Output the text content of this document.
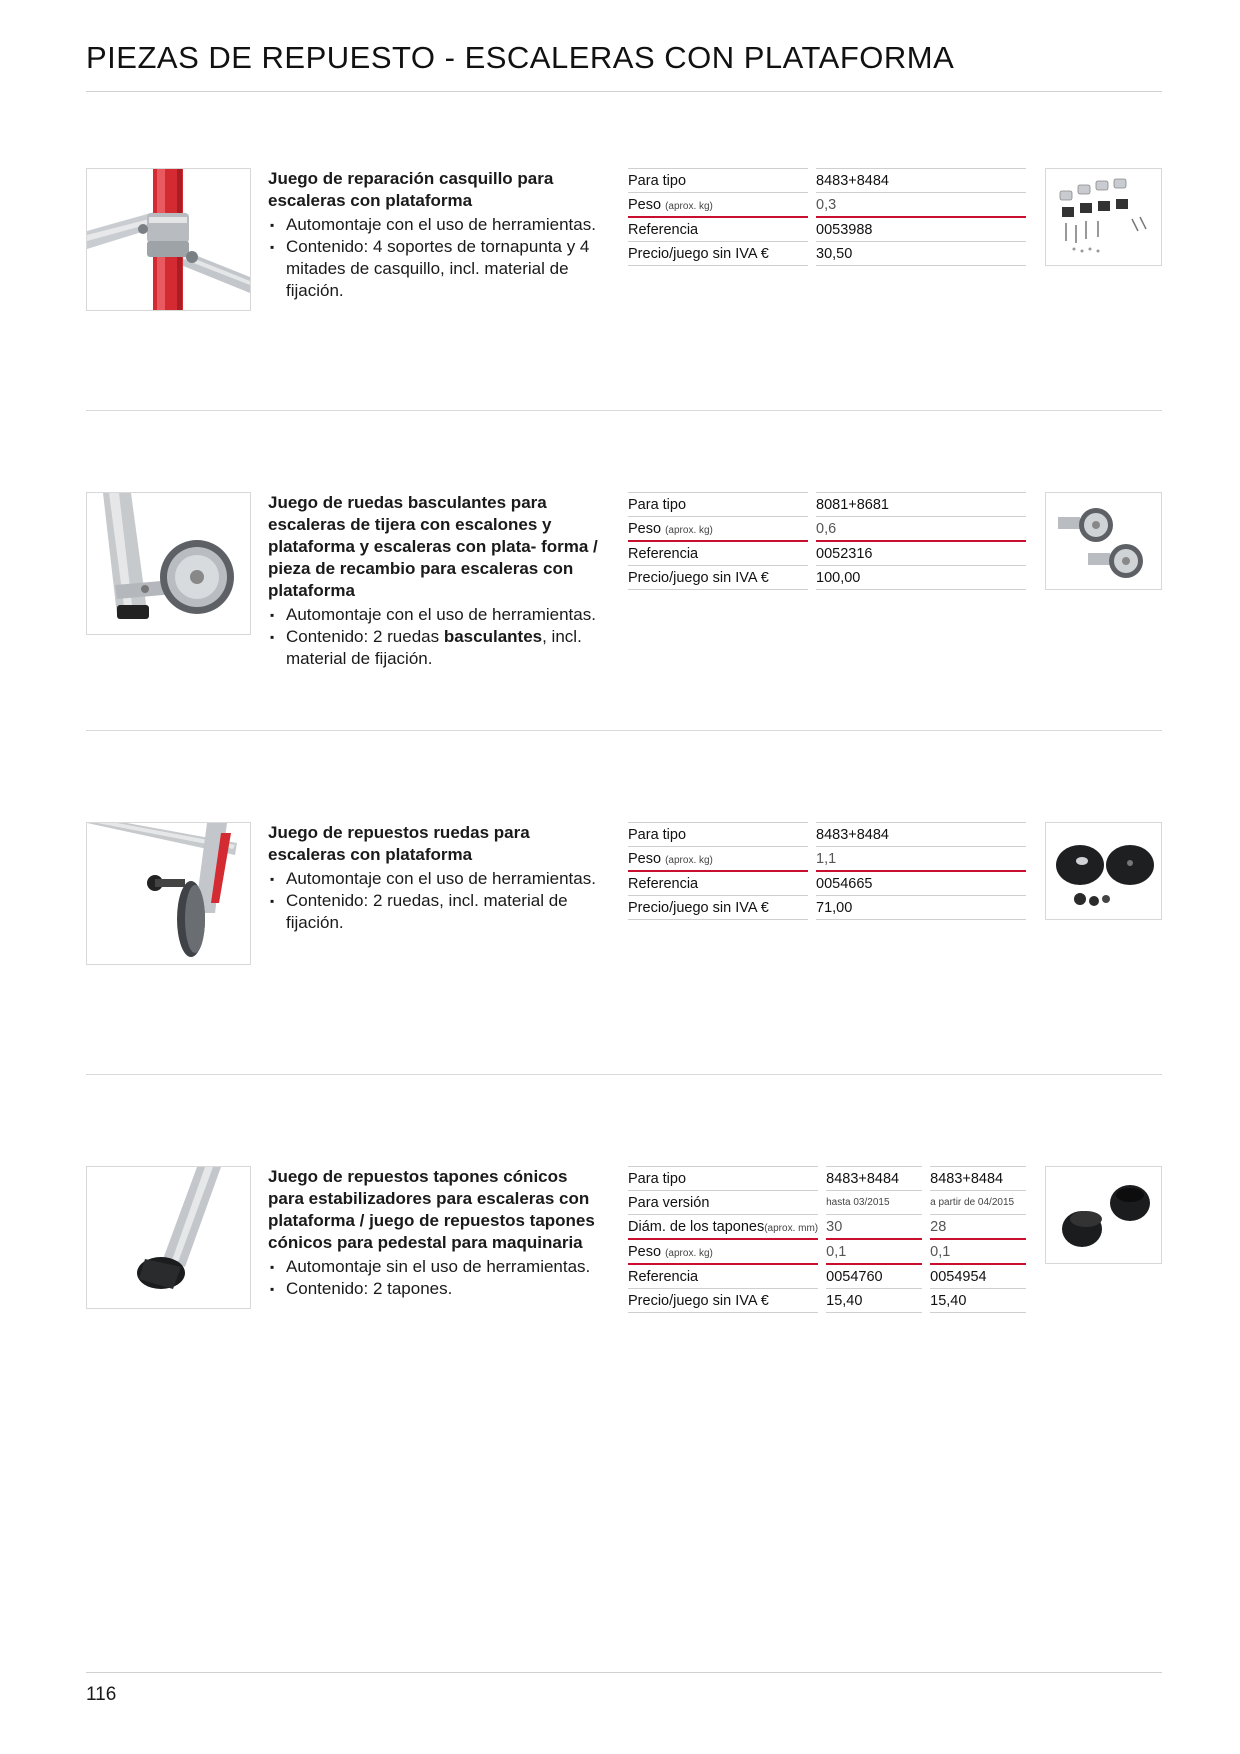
PIEZAS DE REPUESTO - ESCALERAS CON PLATAFORMA
Juego de reparación casquillo para escaleras con plataforma
▪ Automontaje con el uso de herramientas.
▪ Contenido: 4 soportes de tornapunta y 4 mitades de casquillo, incl. material de fijación.
Para tipo	8483+8484
Peso (aprox. kg)	0,3
Referencia	0053988
Precio/juego sin IVA €	30,50
Juego de ruedas basculantes para escaleras de tijera con escalones y plataforma y escaleras con plata- forma / pieza de recambio para escaleras con plataforma
▪ Automontaje con el uso de herramientas.
▪ Contenido: 2 ruedas basculantes, incl. material de fijación.
Para tipo	8081+8681
Peso (aprox. kg)	0,6
Referencia	0052316
Precio/juego sin IVA €	100,00
Juego de repuestos ruedas para escaleras con plataforma
▪ Automontaje con el uso de herramientas.
▪ Contenido: 2 ruedas, incl. material de fijación.
Para tipo	8483+8484
Peso (aprox. kg)	1,1
Referencia	0054665
Precio/juego sin IVA €	71,00
Juego de repuestos tapones cónicos para estabilizadores para escaleras con plataforma / juego de repuestos tapones cónicos para pedestal para maquinaria
▪ Automontaje sin el uso de herramientas.
▪ Contenido: 2 tapones.
Para tipo	8483+8484	8483+8484
Para versión	hasta 03/2015	a partir de 04/2015
Diám. de los tapones(aprox. mm)	30	28
Peso (aprox. kg)	0,1	0,1
Referencia	0054760	0054954
Precio/juego sin IVA €	15,40	15,40
116
